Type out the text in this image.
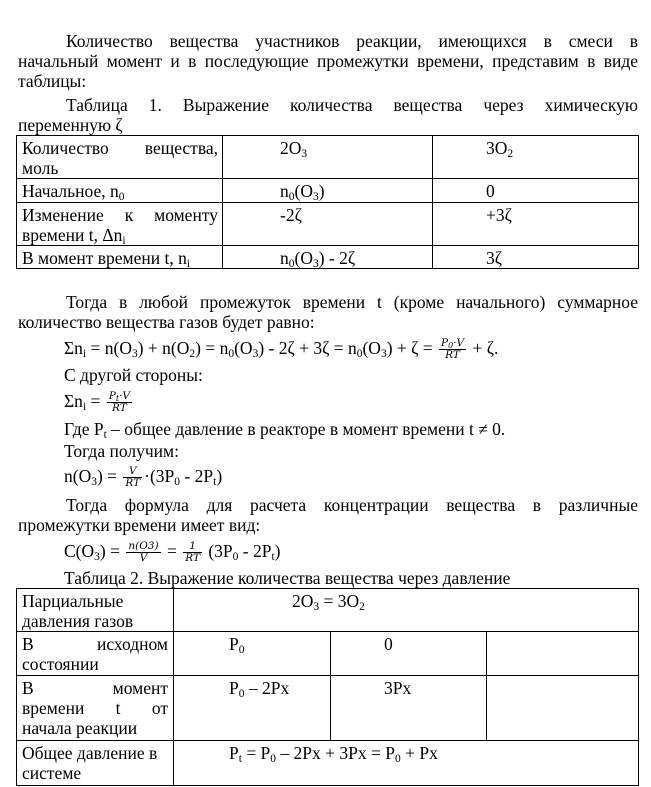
Количество вещества участников реакции, имеющихся в смеси в
начальный момент и в последующие промежутки времени, представим в виде
таблицы:
Таблица 1. Выражение количества вещества через химическую
переменную ζ
Количество вещества,
моль
$2O_3$	$3O_2$
Начальное, $n_0$	$n_0(O_3)$	0
Изменение к моменту
времени t, $\Delta n_i$
-2ζ	+3ζ
В момент времени t, $n_i$	$n_0(O_3) - 2\zeta$	3ζ
Тогда в любой промежуток времени t (кроме начального) суммарное
количество вещества газов будет равно:
$\Sigma n_i = n(O_3) + n(O_2) = n_0(O_3) - 2\zeta + 3\zeta = n_0(O_3) + \zeta = \frac{P_0\cdot V}{RT} + \zeta$.
С другой стороны:
$\Sigma n_i = \frac{P_t\cdot V}{RT}$
Где $P_t$ – общее давление в реакторе в момент времени t ≠ 0.
Тогда получим:
$n(O_3) = \frac{V}{RT} \cdot(3P_0 - 2P_t)$
Тогда формула для расчета концентрации вещества в различные
промежутки времени имеет вид:
$C(O_3) = \frac{n(O3)}{V} = \frac{1}{RT} (3P_0 - 2P_t)$
Таблица 2. Выражение количества вещества через давление
Парциальные
давления газов
$2O_3 = 3O_2$
В исходном
состоянии
$P_0$	0
В момент
времени t от
начала реакции
$P_0 - 2Px$	3Px
Общее давление в
системе
$P_t = P_0 - 2Px + 3Px = P_0 + Px$
